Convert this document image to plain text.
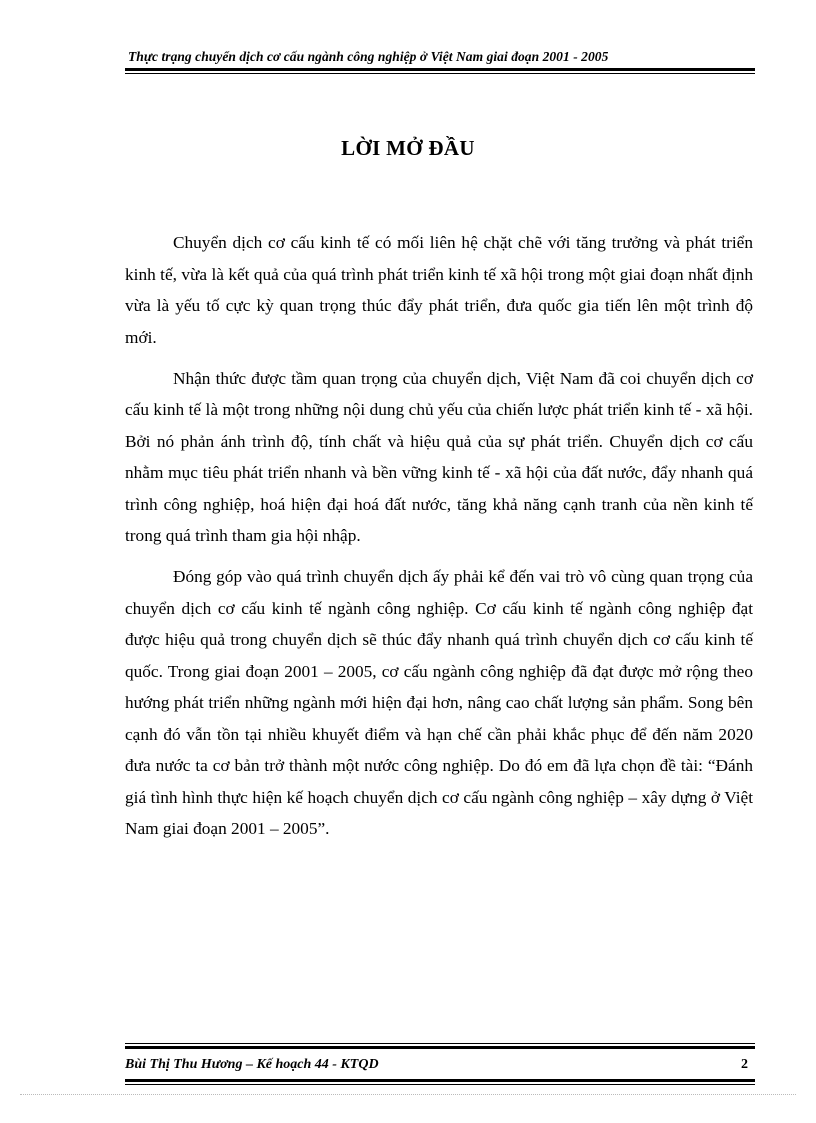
Thực trạng chuyển dịch cơ cấu ngành công nghiệp ở Việt Nam giai đoạn 2001 - 2005
LỜI MỞ ĐẦU

Chuyển dịch cơ cấu kinh tế có mối liên hệ chặt chẽ với tăng trưởng và phát triển kinh tế, vừa là kết quả của quá trình phát triển kinh tế xã hội trong một giai đoạn nhất định vừa là yếu tố cực kỳ quan trọng thúc đẩy phát triển, đưa quốc gia tiến lên một trình độ mới.

Nhận thức được tầm quan trọng của chuyển dịch, Việt Nam đã coi chuyển dịch cơ cấu kinh tế là một trong những nội dung chủ yếu của chiến lược phát triển kinh tế - xã hội. Bởi nó phản ánh trình độ, tính chất và hiệu quả của sự phát triển. Chuyển dịch cơ cấu nhằm mục tiêu phát triển nhanh và bền vững kinh tế - xã hội của đất nước, đẩy nhanh quá trình công nghiệp, hoá hiện đại hoá đất nước, tăng khả năng cạnh tranh của nền kinh tế trong quá trình tham gia hội nhập.

Đóng góp vào quá trình chuyển dịch ấy phải kể đến vai trò vô cùng quan trọng của chuyển dịch cơ cấu kinh tế ngành công nghiệp. Cơ cấu kinh tế ngành công nghiệp đạt được hiệu quả trong chuyển dịch sẽ thúc đẩy nhanh quá trình chuyển dịch cơ cấu kinh tế quốc. Trong giai đoạn 2001 – 2005, cơ cấu ngành công nghiệp đã đạt được mở rộng theo hướng phát triển những ngành mới hiện đại hơn, nâng cao chất lượng sản phẩm. Song bên cạnh đó vẫn tồn tại nhiều khuyết điểm và hạn chế cần phải khắc phục để đến năm 2020 đưa nước ta cơ bản trở thành một nước công nghiệp. Do đó em đã lựa chọn đề tài: “Đánh giá tình hình thực hiện kế hoạch chuyển dịch cơ cấu ngành công nghiệp – xây dựng ở Việt Nam giai đoạn 2001 – 2005”.

Bùi Thị Thu Hương – Kế hoạch 44 - KTQD	2
